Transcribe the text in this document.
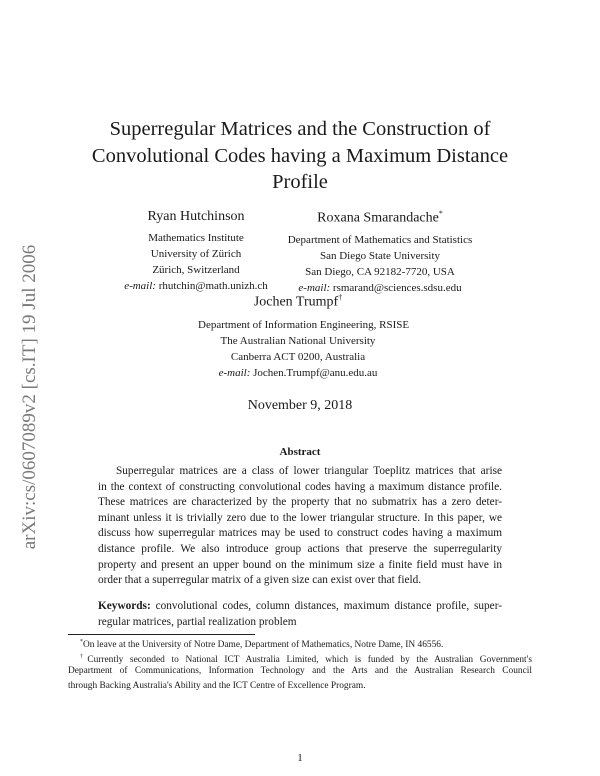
arXiv:cs/0607089v2 [cs.IT] 19 Jul 2006
Superregular Matrices and the Construction of
Convolutional Codes having a Maximum Distance
Profile
Ryan Hutchinson
Mathematics Institute
University of Zürich
Zürich, Switzerland
e-mail: rhutchin@math.unizh.ch
Roxana Smarandache*
Department of Mathematics and Statistics
San Diego State University
San Diego, CA 92182-7720, USA
e-mail: rsmarand@sciences.sdsu.edu
Jochen Trumpf†
Department of Information Engineering, RSISE
The Australian National University
Canberra ACT 0200, Australia
e-mail: Jochen.Trumpf@anu.edu.au
November 9, 2018
Abstract
Superregular matrices are a class of lower triangular Toeplitz matrices that arise
in the context of constructing convolutional codes having a maximum distance profile.
These matrices are characterized by the property that no submatrix has a zero deter-
minant unless it is trivially zero due to the lower triangular structure. In this paper, we
discuss how superregular matrices may be used to construct codes having a maximum
distance profile. We also introduce group actions that preserve the superregularity
property and present an upper bound on the minimum size a finite field must have in
order that a superregular matrix of a given size can exist over that field.
Keywords: convolutional codes, column distances, maximum distance profile, super-
regular matrices, partial realization problem
*On leave at the University of Notre Dame, Department of Mathematics, Notre Dame, IN 46556.
†Currently seconded to National ICT Australia Limited, which is funded by the Australian Government's
Department of Communications, Information Technology and the Arts and the Australian Research Council
through Backing Australia's Ability and the ICT Centre of Excellence Program.
1
